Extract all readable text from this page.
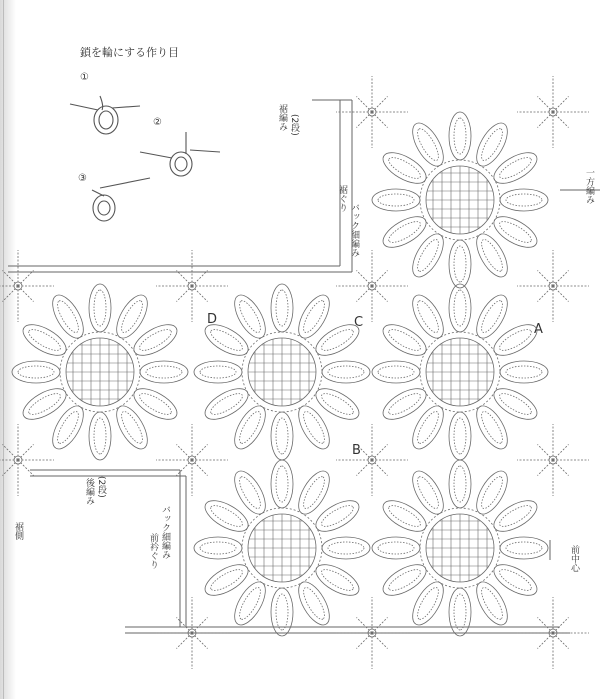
鎖を輪にする作り目
①
②
③
裾編み (2段)
裾ぐり
バック細編み
一方編み
後編み (2段)
前衿ぐり バック細編み	前中心
裾側
A
B
C
D
